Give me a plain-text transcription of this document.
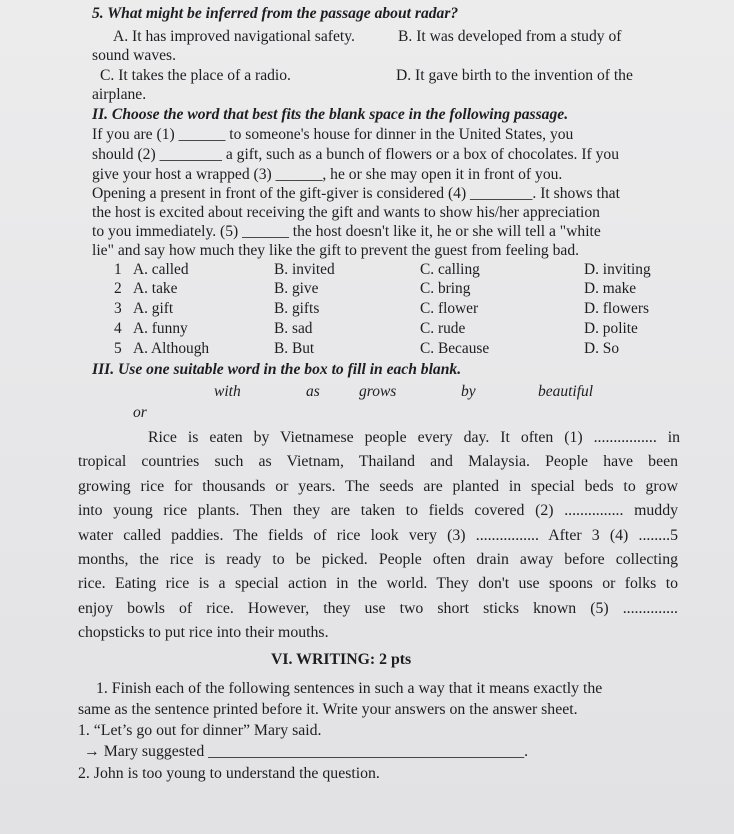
5. What might be inferred from the passage about radar?
A. It has improved navigational safety.	B. It was developed from a study of
sound waves.
C. It takes the place of a radio.	D. It gave birth to the invention of the
airplane.
II. Choose the word that best fits the blank space in the following passage.
If you are (1) ______ to someone's house for dinner in the United States, you
should (2) ________ a gift, such as a bunch of flowers or a box of chocolates. If you
give your host a wrapped (3) ______, he or she may open it in front of you.
Opening a present in front of the gift-giver is considered (4) ________. It shows that
the host is excited about receiving the gift and wants to show his/her appreciation
to you immediately. (5) ______ the host doesn't like it, he or she will tell a "white
lie" and say how much they like the gift to prevent the guest from feeling bad.
1 A. called	B. invited	C. calling	D. inviting
2 A. take	B. give	C. bring	D. make
3 A. gift	B. gifts	C. flower	D. flowers
4 A. funny	B. sad	C. rude	D. polite
5 A. Although	B. But	C. Because	D. So
III. Use one suitable word in the box to fill in each blank.
with	as	grows	by	beautiful
or
Rice is eaten by Vietnamese people every day. It often (1) ................ in
tropical countries such as Vietnam, Thailand and Malaysia. People have been
growing rice for thousands or years. The seeds are planted in special beds to grow
into young rice plants. Then they are taken to fields covered (2) ............... muddy
water called paddies. The fields of rice look very (3) ................ After 3 (4) ........5
months, the rice is ready to be picked. People often drain away before collecting
rice. Eating rice is a special action in the world. They don't use spoons or folks to
enjoy bowls of rice. However, they use two short sticks known (5) ..............
chopsticks to put rice into their mouths.
VI. WRITING: 2 pts
1. Finish each of the following sentences in such a way that it means exactly the
same as the sentence printed before it. Write your answers on the answer sheet.
1. “Let’s go out for dinner” Mary said.
→ Mary suggested ________________________________________.
2. John is too young to understand the question.
